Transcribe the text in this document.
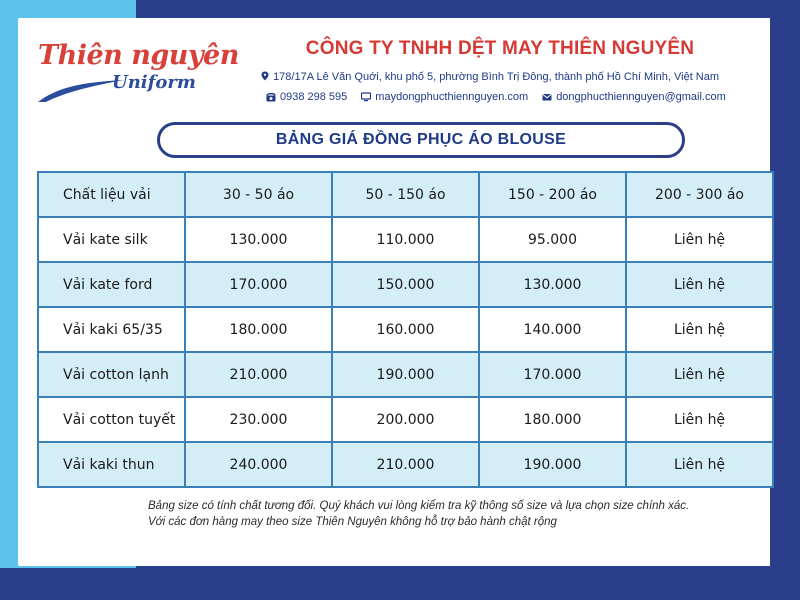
Thiên nguyên
Uniform
CÔNG TY TNHH DỆT MAY THIÊN NGUYÊN
178/17A Lê Văn Quới, khu phố 5, phường Bình Trị Đông, thành phố Hồ Chí Minh, Việt Nam
0938 298 595	maydongphucthiennguyen.com	dongphucthiennguyen@gmail.com
BẢNG GIÁ ĐỒNG PHỤC ÁO BLOUSE
Chất liệu vải	30 - 50 áo	50 - 150 áo	150 - 200 áo	200 - 300 áo
Vải kate silk	130.000	110.000	95.000	Liên hệ
Vải kate ford	170.000	150.000	130.000	Liên hệ
Vải kaki 65/35	180.000	160.000	140.000	Liên hệ
Vải cotton lạnh	210.000	190.000	170.000	Liên hệ
Vải cotton tuyết	230.000	200.000	180.000	Liên hệ
Vải kaki thun	240.000	210.000	190.000	Liên hệ
Bảng size có tính chất tương đối. Quý khách vui lòng kiểm tra kỹ thông số size và lựa chọn size chính xác.
Với các đơn hàng may theo size Thiên Nguyên không hỗ trợ bảo hành chật rộng
